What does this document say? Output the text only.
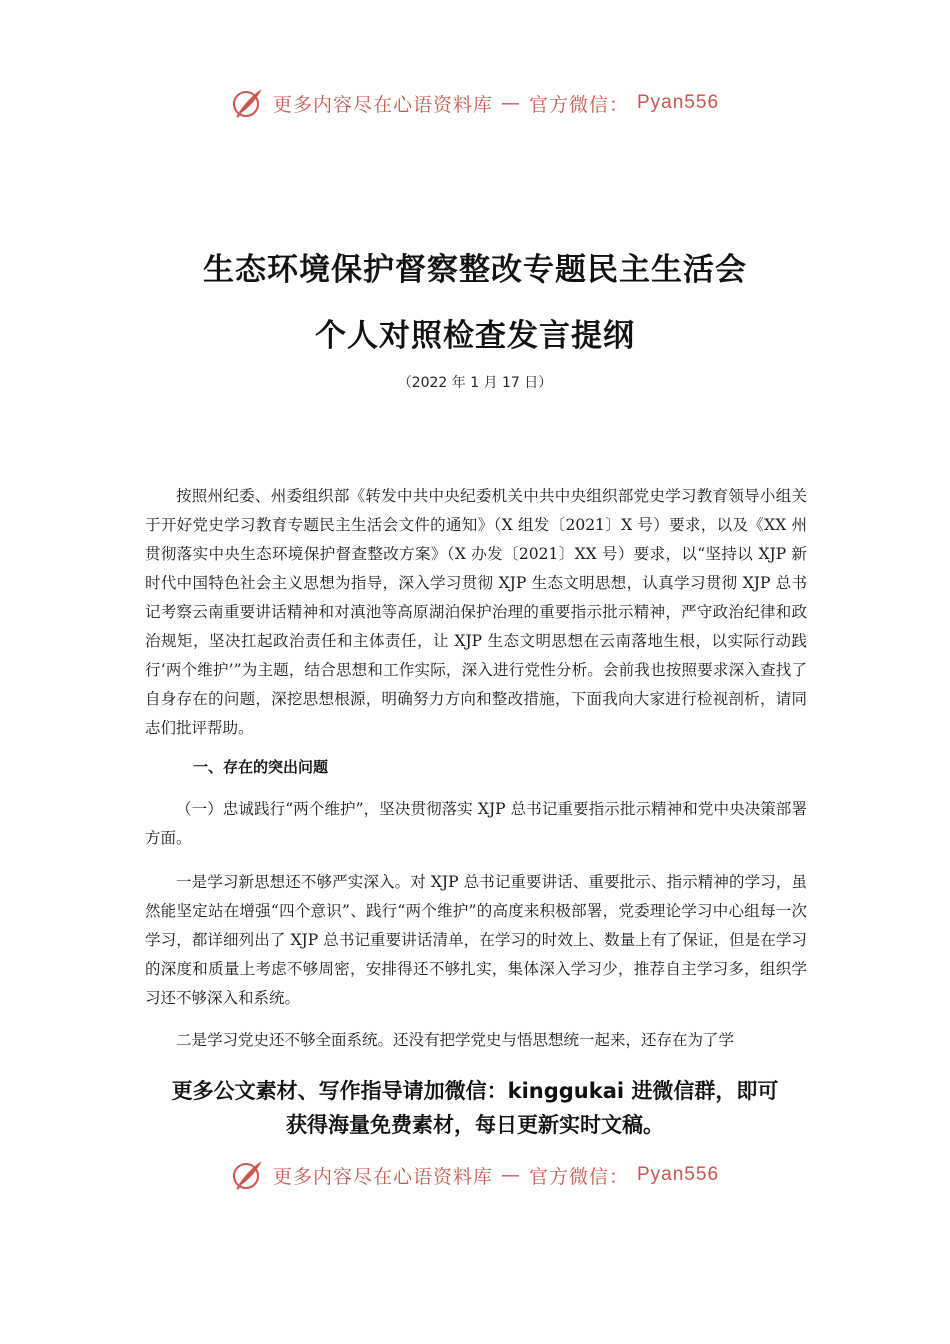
更多内容尽在心语资料库 — 官方微信： Pyan556
生态环境保护督察整改专题民主生活会
个人对照检查发言提纲
（2022 年 1 月 17 日）

按照州纪委、州委组织部《转发中共中央纪委机关中共中央组织部党史学习教育领导小组关于开好党史学习教育专题民主生活会文件的通知》（X 组发〔2021〕X 号）要求，以及《XX 州贯彻落实中央生态环境保护督查整改方案》（X 办发〔2021〕XX 号）要求，以“坚持以 XJP 新时代中国特色社会主义思想为指导，深入学习贯彻 XJP 生态文明思想，认真学习贯彻 XJP 总书记考察云南重要讲话精神和对滇池等高原湖泊保护治理的重要指示批示精神，严守政治纪律和政治规矩，坚决扛起政治责任和主体责任，让 XJP 生态文明思想在云南落地生根，以实际行动践行‘两个维护’”为主题，结合思想和工作实际，深入进行党性分析。会前我也按照要求深入查找了自身存在的问题，深挖思想根源，明确努力方向和整改措施，下面我向大家进行检视剖析，请同志们批评帮助。

一、存在的突出问题

（一）忠诚践行“两个维护”，坚决贯彻落实 XJP 总书记重要指示批示精神和党中央决策部署方面。

一是学习新思想还不够严实深入。对 XJP 总书记重要讲话、重要批示、指示精神的学习，虽然能坚定站在增强“四个意识”、践行“两个维护”的高度来积极部署，党委理论学习中心组每一次学习，都详细列出了 XJP 总书记重要讲话清单，在学习的时效上、数量上有了保证，但是在学习的深度和质量上考虑不够周密，安排得还不够扎实，集体深入学习少，推荐自主学习多，组织学习还不够深入和系统。

二是学习党史还不够全面系统。还没有把学党史与悟思想统一起来，还存在为了学

更多公文素材、写作指导请加微信：kinggukai 进微信群，即可
获得海量免费素材，每日更新实时文稿。
更多内容尽在心语资料库 — 官方微信： Pyan556
